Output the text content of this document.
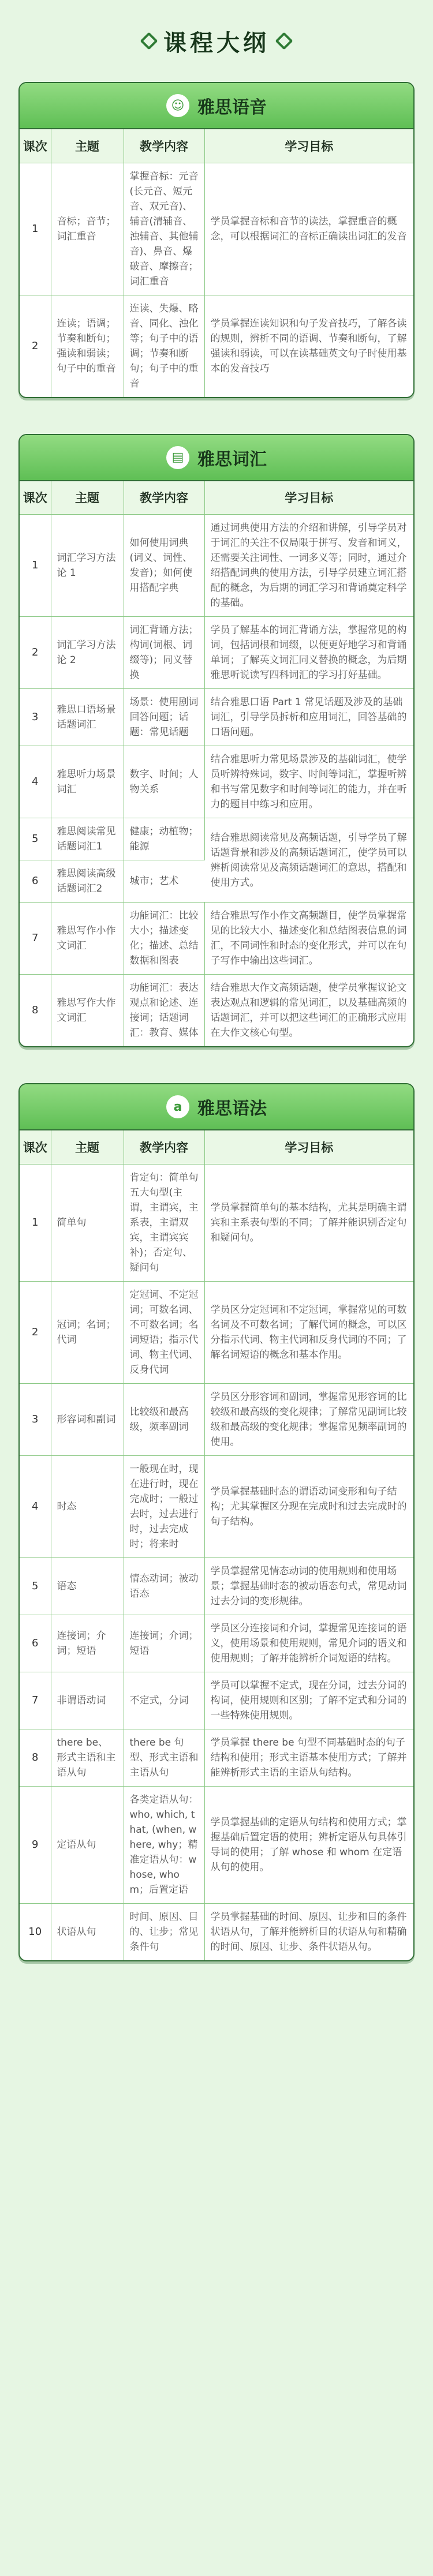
课程大纲
☺ 雅思语音
课次	主题	教学内容	学习目标
1	音标；音节；词汇重音	掌握音标：元音(长元音、短元音、双元音)、辅音(清辅音、浊辅音、其他辅音)、鼻音、爆破音、摩擦音；词汇重音	学员掌握音标和音节的读法，掌握重音的概念，可以根据词汇的音标正确读出词汇的发音
2	连读；语调；节奏和断句；强读和弱读；句子中的重音	连读、失爆、略音、同化、浊化等；句子中的语调；节奏和断句；句子中的重音	学员掌握连读知识和句子发音技巧，了解各读的规则，辨析不同的语调、节奏和断句，了解强读和弱读，可以在读基础英文句子时使用基本的发音技巧
▤ 雅思词汇
课次	主题	教学内容	学习目标
1	词汇学习方法论 1	如何使用词典(词义、词性、发音)；如何使用搭配字典	通过词典使用方法的介绍和讲解，引导学员对于词汇的关注不仅局限于拼写、发音和词义，还需要关注词性、一词多义等；同时，通过介绍搭配词典的使用方法，引导学员建立词汇搭配的概念，为后期的词汇学习和背诵奠定科学的基础。
2	词汇学习方法论 2	词汇背诵方法；构词(词根、词缀等)；同义替换	学员了解基本的词汇背诵方法，掌握常见的构词，包括词根和词缀，以便更好地学习和背诵单词；了解英文词汇同义替换的概念，为后期雅思听说读写四科词汇的学习打好基础。
3	雅思口语场景话题词汇	场景：使用剧词回答问题；话题：常见话题	结合雅思口语 Part 1 常见话题及涉及的基础词汇，引导学员拆析和应用词汇，回答基础的口语问题。
4	雅思听力场景词汇	数字、时间；人物关系	结合雅思听力常见场景涉及的基础词汇，使学员听辨特殊词，数字、时间等词汇，掌握听辨和书写常见数字和时间等词汇的能力，并在听力的题目中练习和应用。
5	雅思阅读常见话题词汇1	健康；动植物；能源	结合雅思阅读常见及高频话题，引导学员了解话题背景和涉及的高频话题词汇，使学员可以辨析阅读常见及高频话题词汇的意思，搭配和使用方式。
6	雅思阅读高级话题词汇2	城市；艺术	
7	雅思写作小作文词汇	功能词汇：比较大小；描述变化；描述、总结数据和图表	结合雅思写作小作文高频题目，使学员掌握常见的比较大小、描述变化和总结图表信息的词汇，不同词性和时态的变化形式，并可以在句子写作中输出这些词汇。
8	雅思写作大作文词汇	功能词汇：表达观点和论述、连接词；话题词汇：教育、媒体	结合雅思大作文高频话题，使学员掌握议论文表达观点和逻辑的常见词汇，以及基础高频的话题词汇，并可以把这些词汇的正确形式应用在大作文核心句型。
a 雅思语法
课次	主题	教学内容	学习目标
1	简单句	肯定句：简单句五大句型(主谓，主谓宾，主系表，主谓双宾，主谓宾宾补)；否定句、疑问句	学员掌握简单句的基本结构，尤其是明确主谓宾和主系表句型的不同；了解并能识别否定句和疑问句。
2	冠词；名词；代词	定冠词、不定冠词；可数名词、不可数名词；名词短语；指示代词、物主代词、反身代词	学员区分定冠词和不定冠词，掌握常见的可数名词及不可数名词；了解代词的概念，可以区分指示代词、物主代词和反身代词的不同；了解名词短语的概念和基本作用。
3	形容词和副词	比较级和最高级，频率副词	学员区分形容词和副词，掌握常见形容词的比较级和最高级的变化规律；了解常见副词比较级和最高级的变化规律；掌握常见频率副词的使用。
4	时态	一般现在时，现在进行时，现在完成时；一般过去时，过去进行时，过去完成时；将来时	学员掌握基础时态的谓语动词变形和句子结构；尤其掌握区分现在完成时和过去完成时的句子结构。
5	语态	情态动词；被动语态	学员掌握常见情态动词的使用规则和使用场景；掌握基础时态的被动语态句式，常见动词过去分词的变形规律。
6	连接词；介词；短语	连接词；介词；短语	学员区分连接词和介词，掌握常见连接词的语义，使用场景和使用规则，常见介词的语义和使用规则；了解并能辨析介词短语的结构。
7	非谓语动词	不定式，分词	学员可以掌握不定式，现在分词，过去分词的构词，使用规则和区别；了解不定式和分词的一些特殊使用规则。
8	there be、形式主语和主语从句	there be 句型、形式主语和主语从句	学员掌握 there be 句型不同基础时态的句子结构和使用；形式主语基本使用方式；了解并能辨析形式主语的主语从句结构。
9	定语从句	各类定语从句：who, which, that, (when, where, why；精准定语从句：whose, whom；后置定语	学员掌握基础的定语从句结构和使用方式；掌握基础后置定语的使用；辨析定语从句具体引导词的使用；了解 whose 和 whom 在定语从句的使用。
10	状语从句	时间、原因、目的、让步；常见条件句	学员掌握基础的时间、原因、让步和目的条件状语从句，了解并能辨析目的状语从句和精确的时间、原因、让步、条件状语从句。
